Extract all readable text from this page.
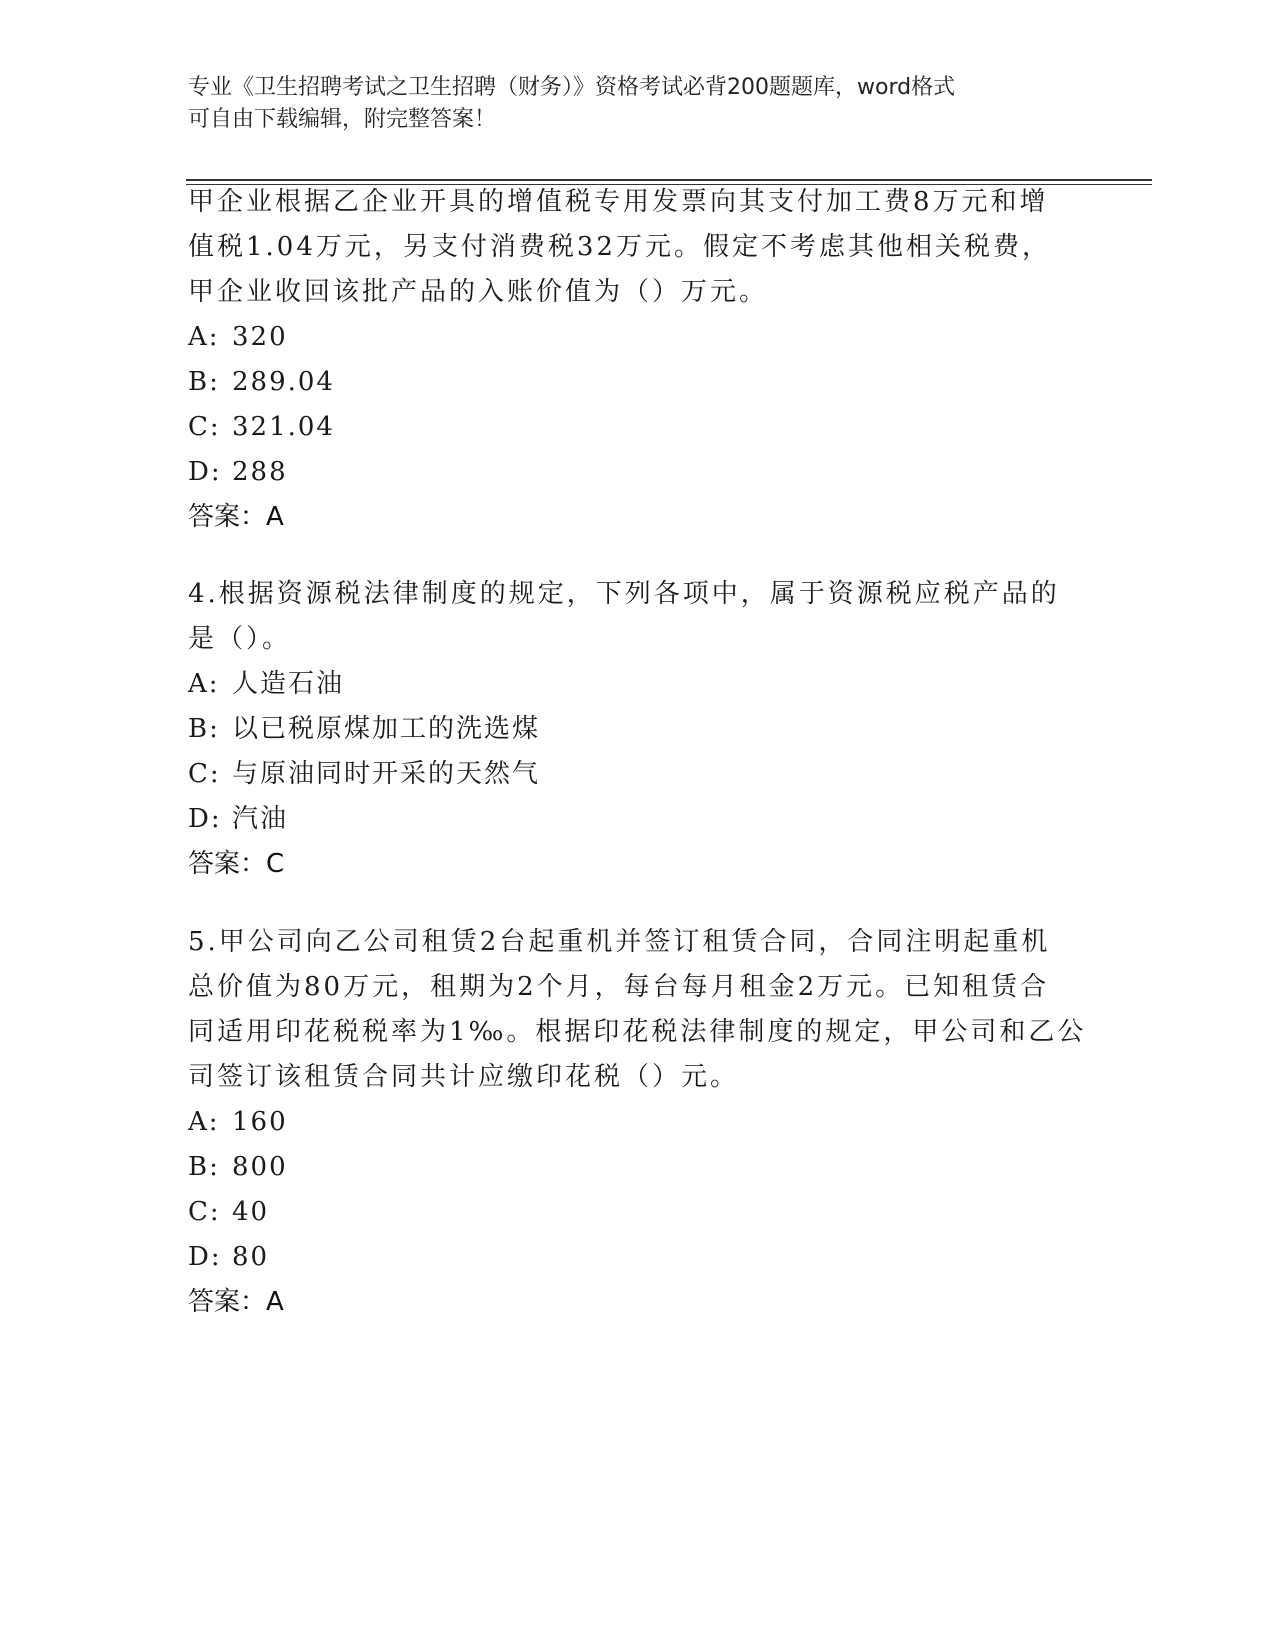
专业《卫生招聘考试之卫生招聘（财务）》资格考试必背200题题库，word格式
可自由下载编辑，附完整答案！
甲企业根据乙企业开具的增值税专用发票向其支付加工费8万元和增
值税1.04万元，另支付消费税32万元。假定不考虑其他相关税费，
甲企业收回该批产品的入账价值为（）万元。
A: 320
B: 289.04
C: 321.04
D: 288
答案：A
4.根据资源税法律制度的规定，下列各项中，属于资源税应税产品的
是（）。
A: 人造石油
B: 以已税原煤加工的洗选煤
C: 与原油同时开采的天然气
D: 汽油
答案：C
5.甲公司向乙公司租赁2台起重机并签订租赁合同，合同注明起重机
总价值为80万元，租期为2个月，每台每月租金2万元。已知租赁合
同适用印花税税率为1‰。根据印花税法律制度的规定，甲公司和乙公
司签订该租赁合同共计应缴印花税（）元。
A: 160
B: 800
C: 40
D: 80
答案：A
